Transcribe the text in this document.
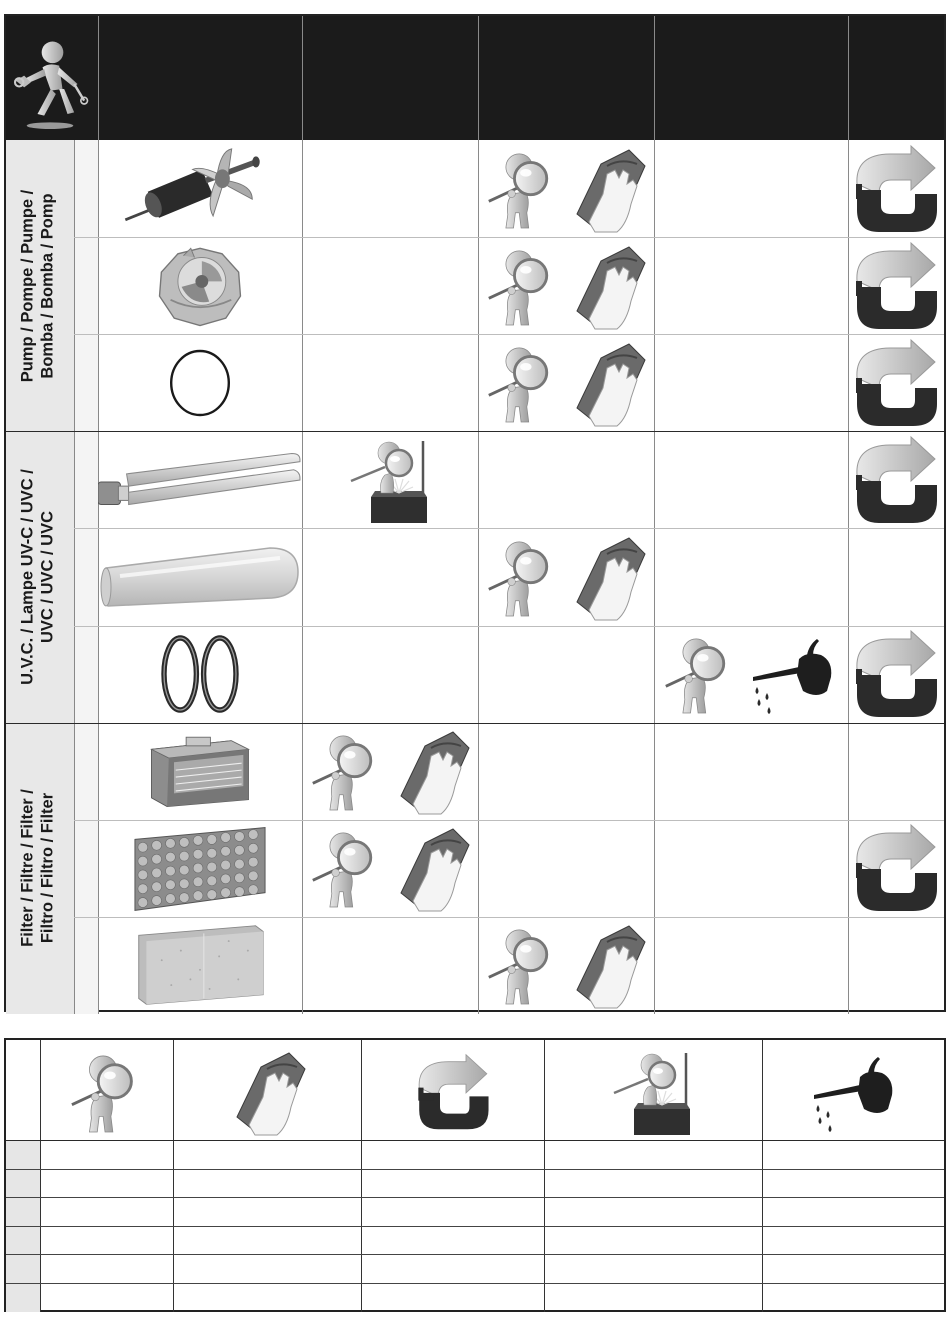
Pump / Pompe / Pumpe / Bomba / Bomba / Pomp
U.V.C. / Lampe UV-C / UVC / UVC / UVC / UVC
Filter / Filtre / Filter / Filtro / Filtro / Filter
